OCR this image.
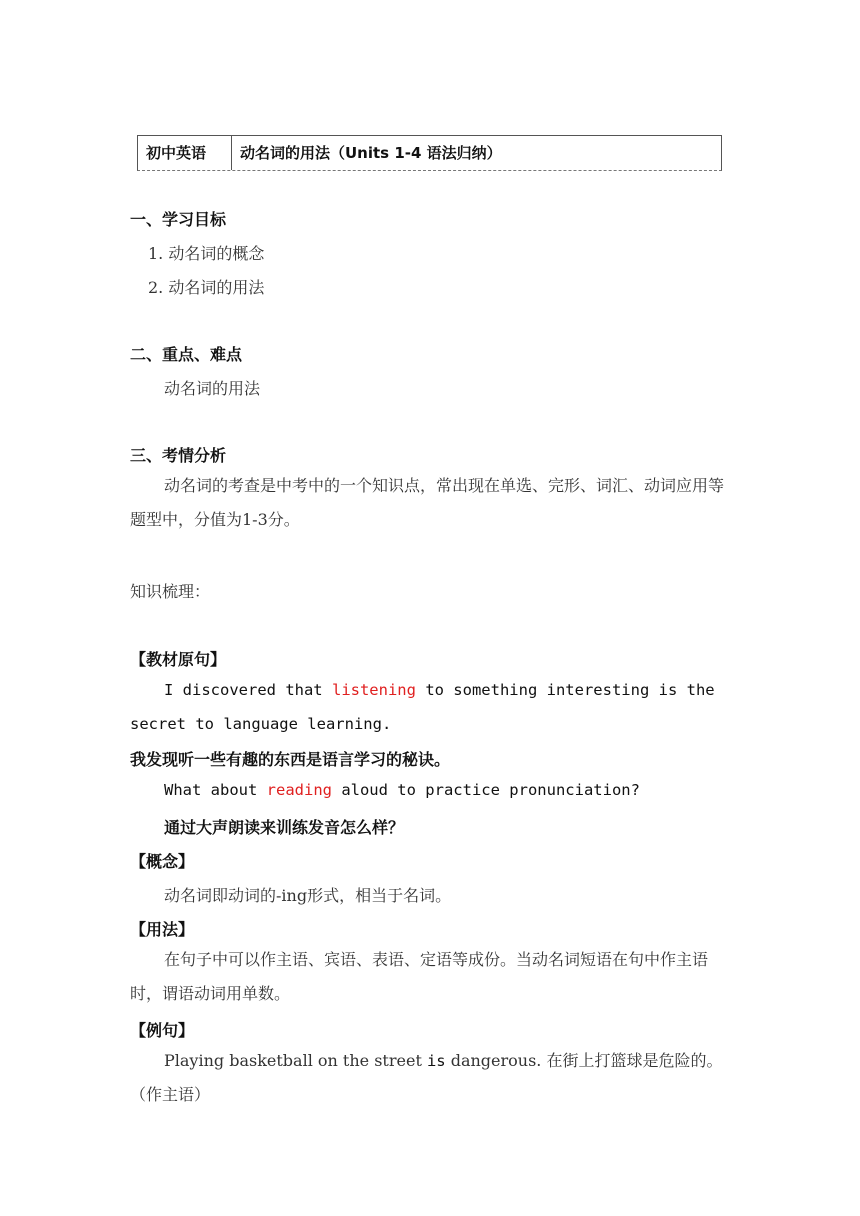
初中英语	动名词的用法（Units 1-4 语法归纳）
一、学习目标
1. 动名词的概念
2. 动名词的用法
二、重点、难点
动名词的用法
三、考情分析
动名词的考查是中考中的一个知识点，常出现在单选、完形、词汇、动词应用等题型中，分值为1-3分。
知识梳理：
【教材原句】
I discovered that listening to something interesting is the secret to language learning.
我发现听一些有趣的东西是语言学习的秘诀。
What about reading aloud to practice pronunciation?
通过大声朗读来训练发音怎么样？
【概念】
动名词即动词的-ing形式，相当于名词。
【用法】
在句子中可以作主语、宾语、表语、定语等成份。当动名词短语在句中作主语时，谓语动词用单数。
【例句】
Playing basketball on the street is dangerous. 在街上打篮球是危险的。（作主语）
